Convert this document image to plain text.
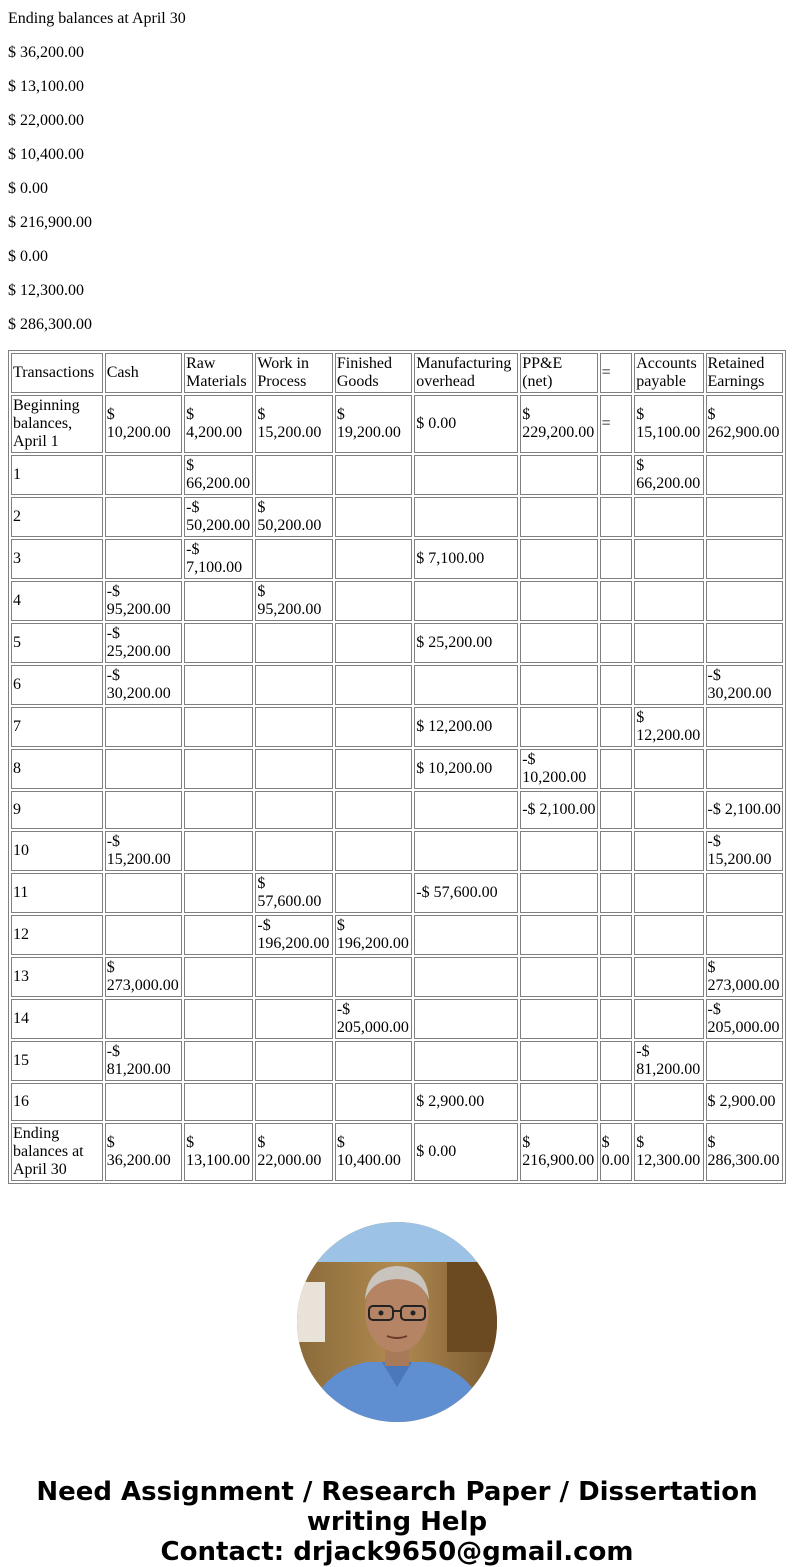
Ending balances at April 30

$ 36,200.00

$ 13,100.00

$ 22,000.00

$ 10,400.00

$ 0.00

$ 216,900.00

$ 0.00

$ 12,300.00

$ 286,300.00

Transactions	Cash	Raw Materials	Work in Process	Finished Goods	Manufacturing overhead	PP&E (net)	=	Accounts payable	Retained Earnings
Beginning balances, April 1	$ 10,200.00	$ 4,200.00	$ 15,200.00	$ 19,200.00	$ 0.00	$ 229,200.00	=	$ 15,100.00	$ 262,900.00
1		$ 66,200.00						$ 66,200.00	
2		-$ 50,200.00	$ 50,200.00						
3		-$ 7,100.00			$ 7,100.00				
4	-$ 95,200.00		$ 95,200.00						
5	-$ 25,200.00				$ 25,200.00				
6	-$ 30,200.00								-$ 30,200.00
7					$ 12,200.00			$ 12,200.00	
8					$ 10,200.00	-$ 10,200.00			
9						-$ 2,100.00			-$ 2,100.00
10	-$ 15,200.00								-$ 15,200.00
11			$ 57,600.00		-$ 57,600.00				
12			-$ 196,200.00	$ 196,200.00					
13	$ 273,000.00								$ 273,000.00
14				-$ 205,000.00					-$ 205,000.00
15	-$ 81,200.00							-$ 81,200.00	
16					$ 2,900.00				$ 2,900.00
Ending balances at April 30	$ 36,200.00	$ 13,100.00	$ 22,000.00	$ 10,400.00	$ 0.00	$ 216,900.00	$ 0.00	$ 12,300.00	$ 286,300.00
Need Assignment / Research Paper / Dissertation
writing Help
Contact: drjack9650@gmail.com
